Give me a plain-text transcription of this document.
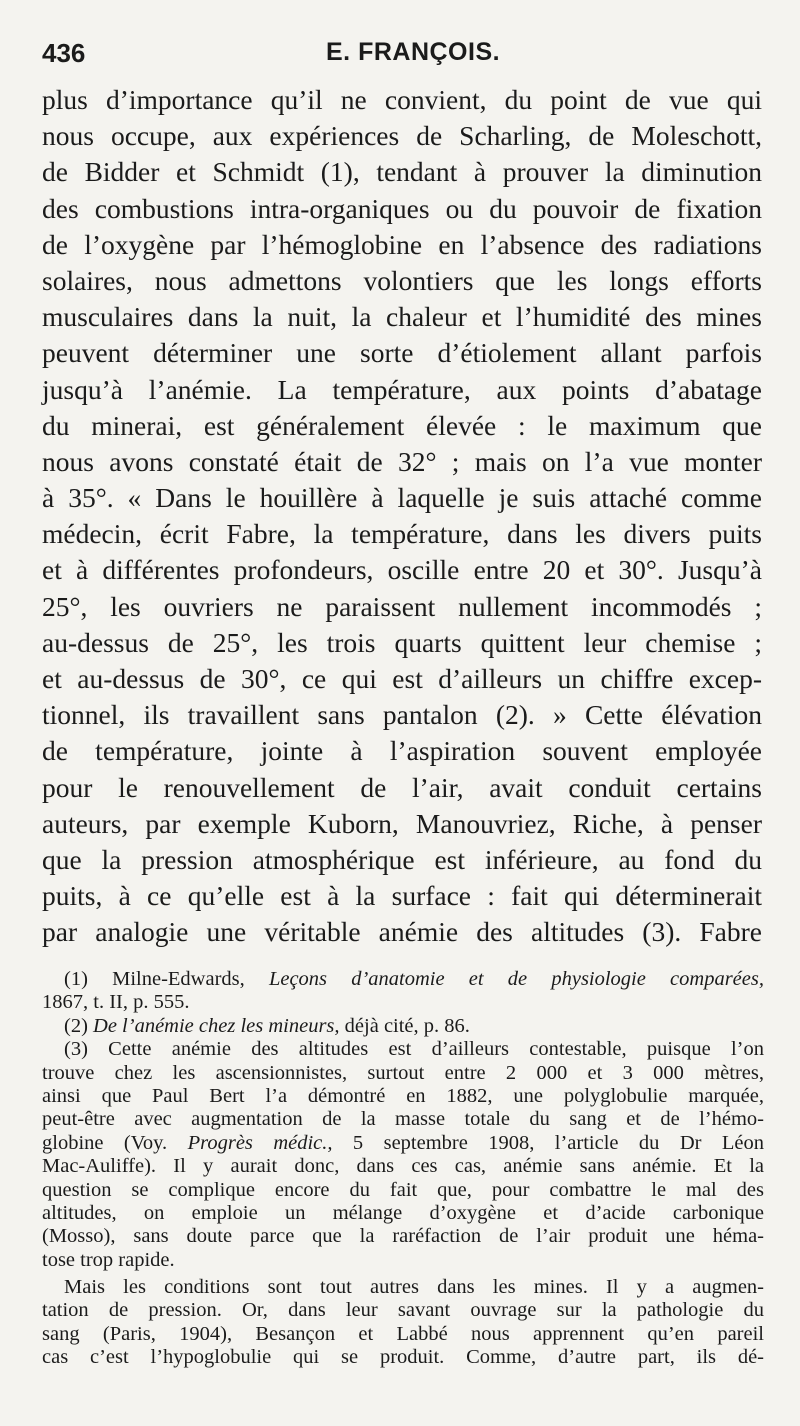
436	E. FRANÇOIS.
plus d’importance qu’il ne convient, du point de vue qui
nous occupe, aux expériences de Scharling, de Moleschott,
de Bidder et Schmidt (1), tendant à prouver la diminution
des combustions intra-organiques ou du pouvoir de fixation
de l’oxygène par l’hémoglobine en l’absence des radiations
solaires, nous admettons volontiers que les longs efforts
musculaires dans la nuit, la chaleur et l’humidité des mines
peuvent déterminer une sorte d’étiolement allant parfois
jusqu’à l’anémie. La température, aux points d’abatage
du minerai, est généralement élevée : le maximum que
nous avons constaté était de 32° ; mais on l’a vue monter
à 35°. « Dans le houillère à laquelle je suis attaché comme
médecin, écrit Fabre, la température, dans les divers puits
et à différentes profondeurs, oscille entre 20 et 30°. Jusqu’à
25°, les ouvriers ne paraissent nullement incommodés ;
au-dessus de 25°, les trois quarts quittent leur chemise ;
et au-dessus de 30°, ce qui est d’ailleurs un chiffre excep-
tionnel, ils travaillent sans pantalon (2). » Cette élévation
de température, jointe à l’aspiration souvent employée
pour le renouvellement de l’air, avait conduit certains
auteurs, par exemple Kuborn, Manouvriez, Riche, à penser
que la pression atmosphérique est inférieure, au fond du
puits, à ce qu’elle est à la surface : fait qui déterminerait
par analogie une véritable anémie des altitudes (3). Fabre
(1) Milne-Edwards, Leçons d’anatomie et de physiologie comparées,
1867, t. II, p. 555.
(2) De l’anémie chez les mineurs, déjà cité, p. 86.
(3) Cette anémie des altitudes est d’ailleurs contestable, puisque l’on
trouve chez les ascensionnistes, surtout entre 2 000 et 3 000 mètres,
ainsi que Paul Bert l’a démontré en 1882, une polyglobulie marquée,
peut-être avec augmentation de la masse totale du sang et de l’hémo-
globine (Voy. Progrès médic., 5 septembre 1908, l’article du Dr Léon
Mac-Auliffe). Il y aurait donc, dans ces cas, anémie sans anémie. Et la
question se complique encore du fait que, pour combattre le mal des
altitudes, on emploie un mélange d’oxygène et d’acide carbonique
(Mosso), sans doute parce que la raréfaction de l’air produit une héma-
tose trop rapide.
Mais les conditions sont tout autres dans les mines. Il y a augmen-
tation de pression. Or, dans leur savant ouvrage sur la pathologie du
sang (Paris, 1904), Besançon et Labbé nous apprennent qu’en pareil
cas c’est l’hypoglobulie qui se produit. Comme, d’autre part, ils dé-
